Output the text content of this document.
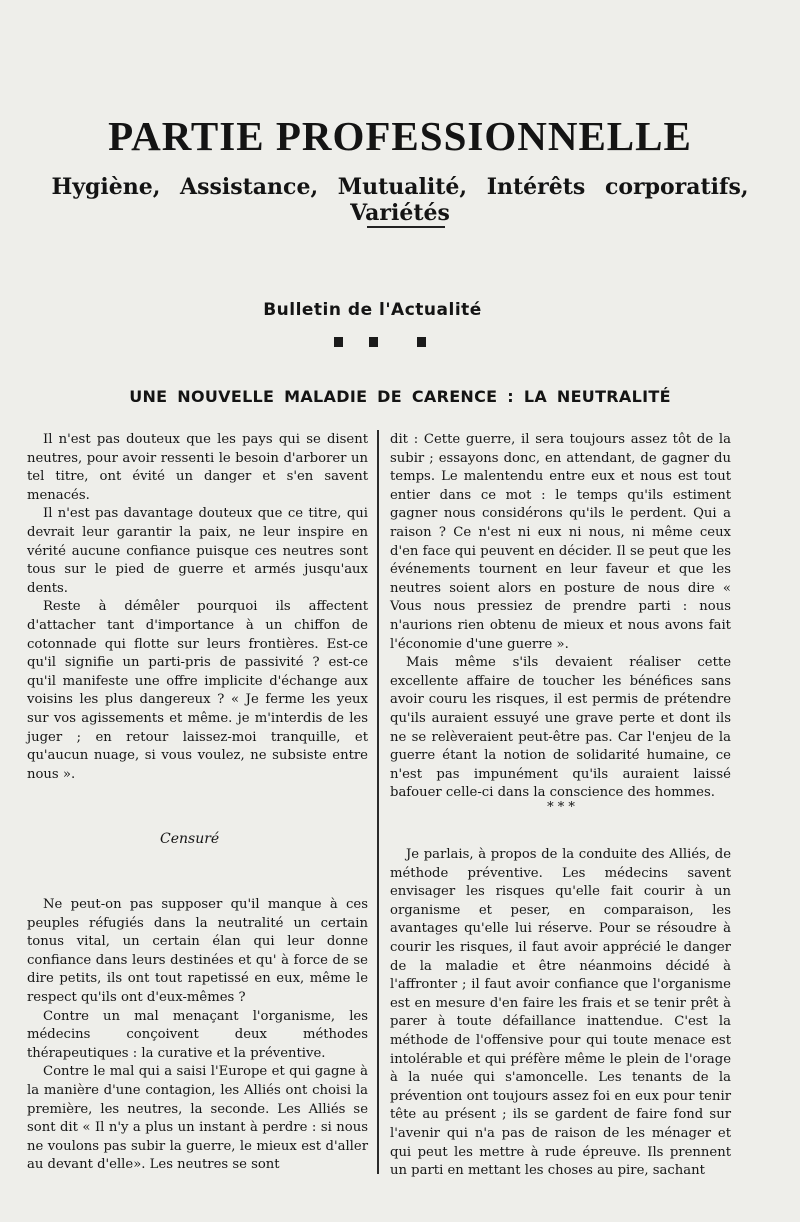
PARTIE PROFESSIONNELLE
Hygiène, Assistance, Mutualité, Intérêts corporatifs, Variétés
Bulletin de l'Actualité
UNE NOUVELLE MALADIE DE CARENCE : LA NEUTRALITÉ

Il n'est pas douteux que les pays qui se disent neutres, pour avoir ressenti le besoin d'arborer un tel titre, ont évité un danger et s'en savent menacés.

Il n'est pas davantage douteux que ce titre, qui devrait leur garantir la paix, ne leur inspire en vérité aucune confiance puisque ces neutres sont tous sur le pied de guerre et armés jusqu'aux dents.

Reste à démêler pourquoi ils affectent d'attacher tant d'importance à un chiffon de cotonnade qui flotte sur leurs frontières. Est-ce qu'il signifie un parti-pris de passivité ? est-ce qu'il manifeste une offre implicite d'échange aux voisins les plus dangereux ? « Je ferme les yeux sur vos agissements et même. je m'interdis de les juger ; en retour laissez-moi tranquille, et qu'aucun nuage, si vous voulez, ne subsiste entre nous ».

Censuré

Ne peut-on pas supposer qu'il manque à ces peuples réfugiés dans la neutralité un certain tonus vital, un certain élan qui leur donne confiance dans leurs destinées et qu' à force de se dire petits, ils ont tout rapetissé en eux, même le respect qu'ils ont d'eux-mêmes ?

Contre un mal menaçant l'organisme, les médecins conçoivent deux méthodes thérapeutiques : la curative et la préventive.

Contre le mal qui a saisi l'Europe et qui gagne à la manière d'une contagion, les Alliés ont choisi la première, les neutres, la seconde. Les Alliés se sont dit « Il n'y a plus un instant à perdre : si nous ne voulons pas subir la guerre, le mieux est d'aller au devant d'elle». Les neutres se sont

dit : Cette guerre, il sera toujours assez tôt de la subir ; essayons donc, en attendant, de gagner du temps. Le malentendu entre eux et nous est tout entier dans ce mot : le temps qu'ils estiment gagner nous considérons qu'ils le perdent. Qui a raison ? Ce n'est ni eux ni nous, ni même ceux d'en face qui peuvent en décider. Il se peut que les événements tournent en leur faveur et que les neutres soient alors en posture de nous dire « Vous nous pressiez de prendre parti : nous n'aurions rien obtenu de mieux et nous avons fait l'économie d'une guerre ».

Mais même s'ils devaient réaliser cette excellente affaire de toucher les bénéfices sans avoir couru les risques, il est permis de prétendre qu'ils auraient essuyé une grave perte et dont ils ne se relèveraient peut-être pas. Car l'enjeu de la guerre étant la notion de solidarité humaine, ce n'est pas impunément qu'ils auraient laissé bafouer celle-ci dans la conscience des hommes.

* * *

Je parlais, à propos de la conduite des Alliés, de méthode préventive. Les médecins savent envisager les risques qu'elle fait courir à un organisme et peser, en comparaison, les avantages qu'elle lui réserve. Pour se résoudre à courir les risques, il faut avoir apprécié le danger de la maladie et être néanmoins décidé à l'affronter ; il faut avoir confiance que l'organisme est en mesure d'en faire les frais et se tenir prêt à parer à toute défaillance inattendue. C'est la méthode de l'offensive pour qui toute menace est intolérable et qui préfère même le plein de l'orage à la nuée qui s'amoncelle. Les tenants de la prévention ont toujours assez foi en eux pour tenir tête au présent ; ils se gardent de faire fond sur l'avenir qui n'a pas de raison de les ménager et qui peut les mettre à rude épreuve. Ils prennent un parti en mettant les choses au pire, sachant
